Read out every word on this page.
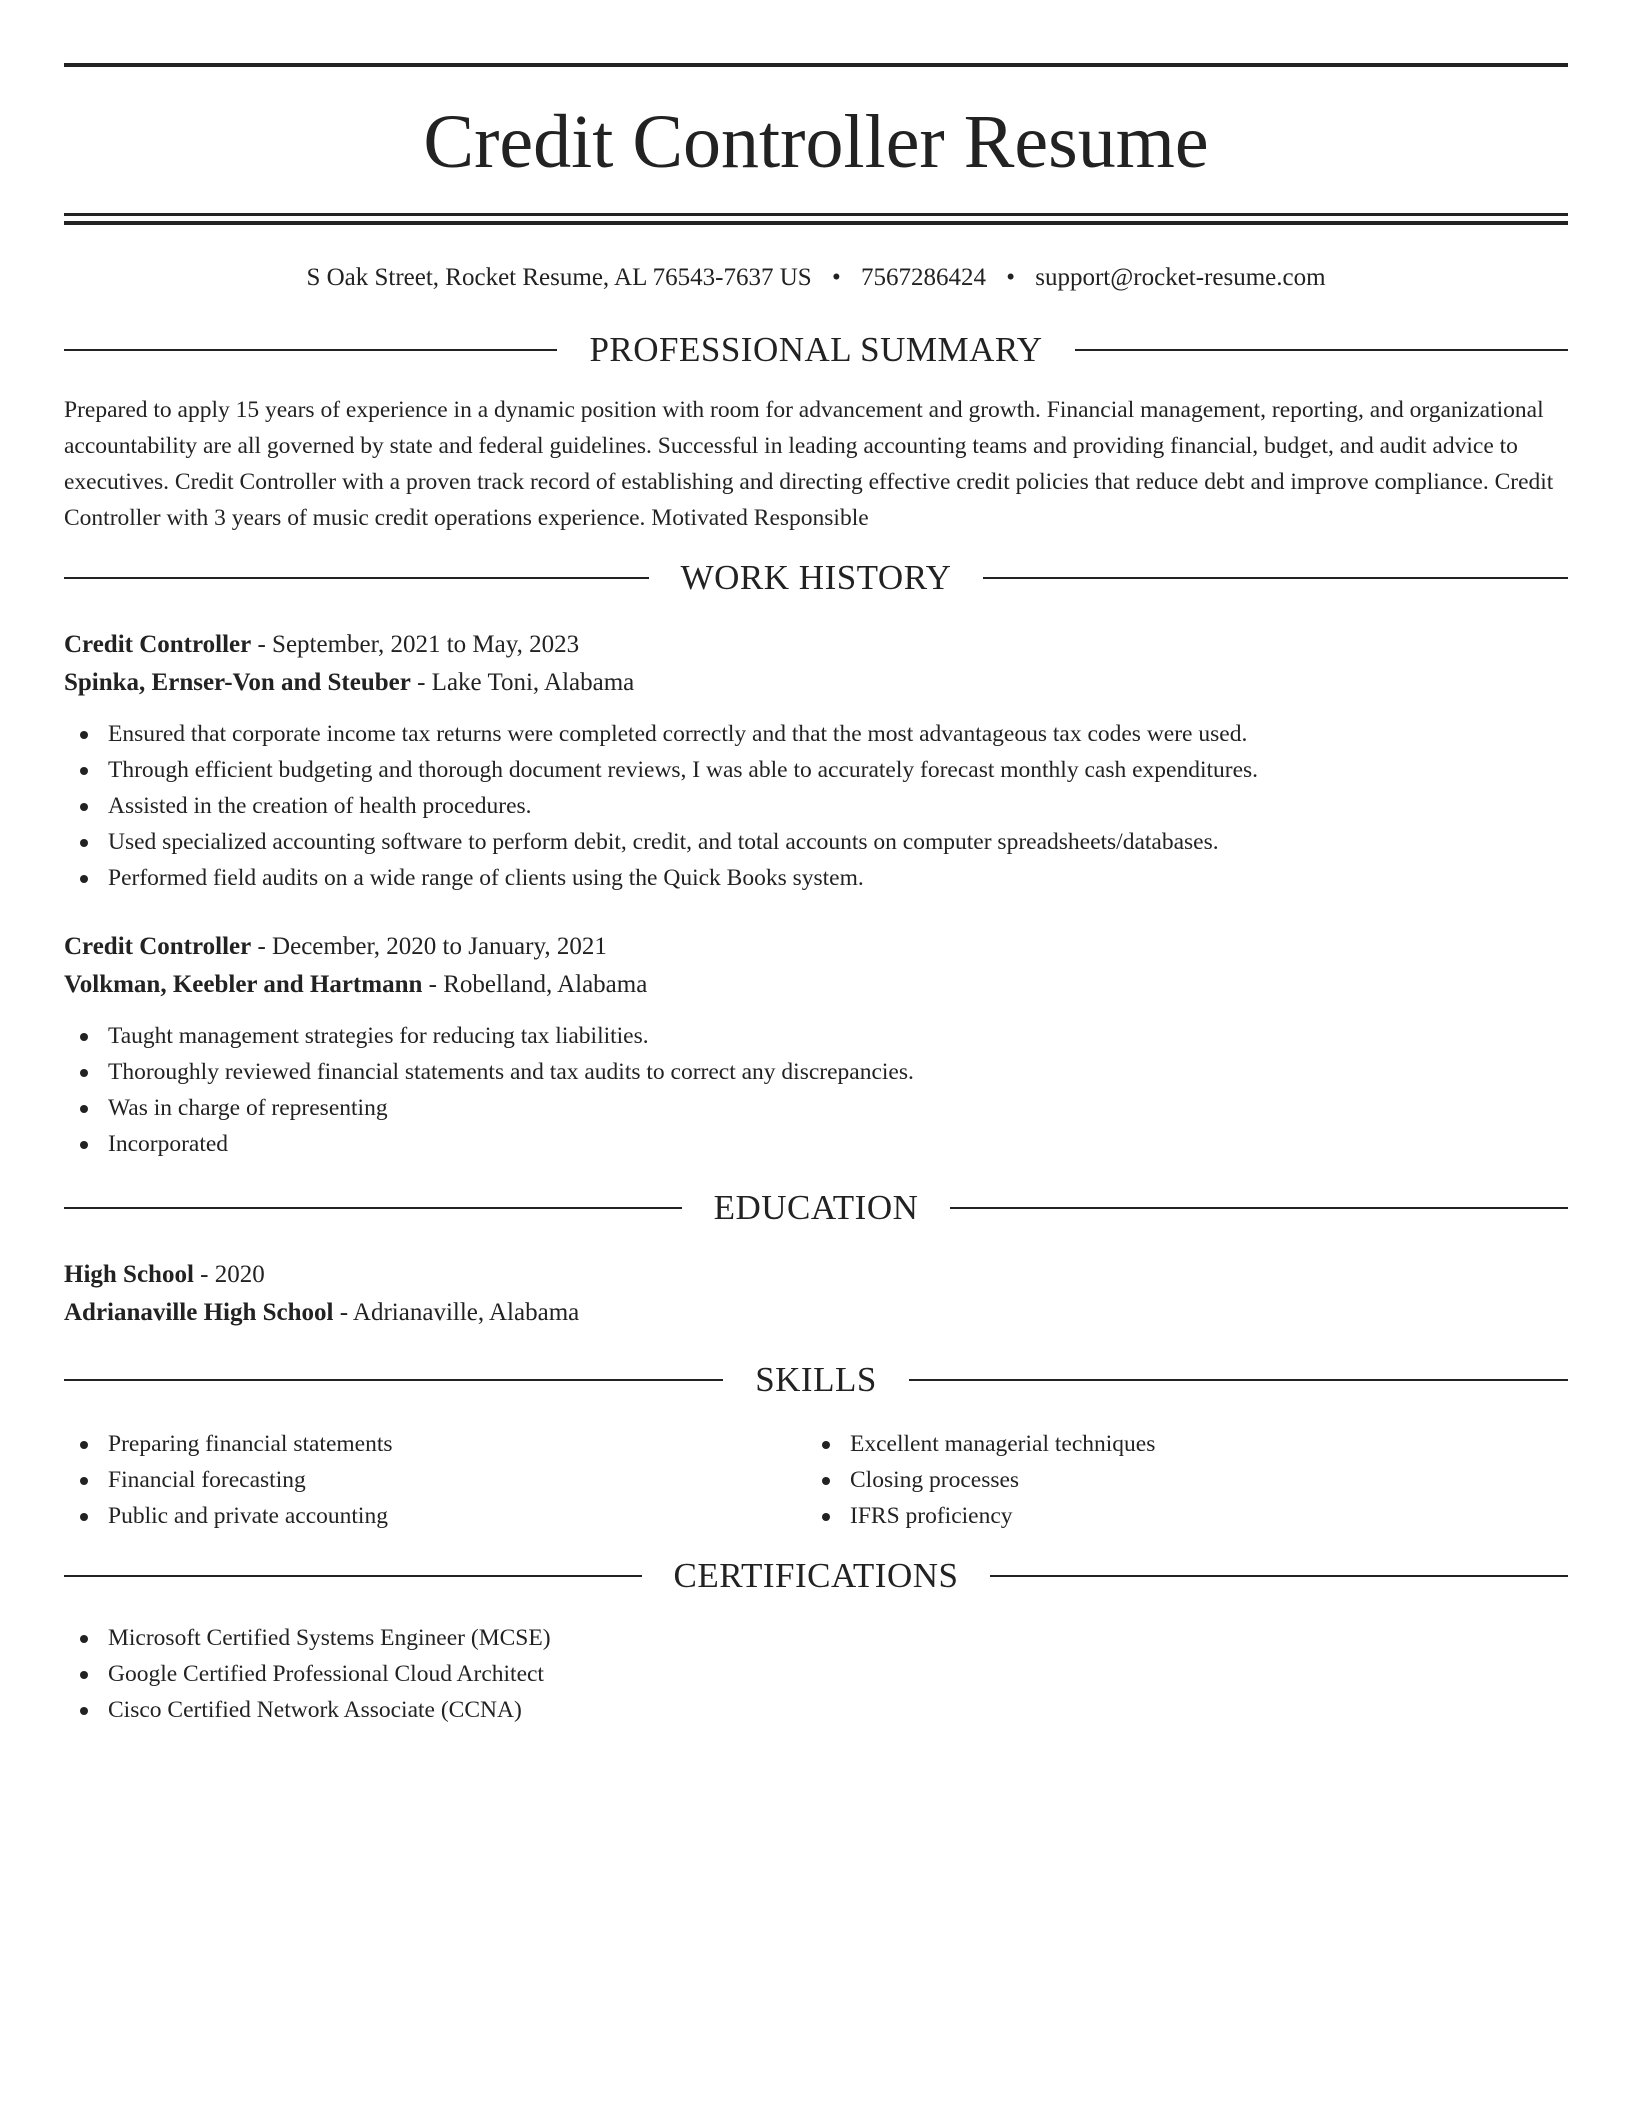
Credit Controller Resume
S Oak Street, Rocket Resume, AL 76543-7637 US • 7567286424 • support@rocket-resume.com
PROFESSIONAL SUMMARY

Prepared to apply 15 years of experience in a dynamic position with room for advancement and growth. Financial management, reporting, and organizational accountability are all governed by state and federal guidelines. Successful in leading accounting teams and providing financial, budget, and audit advice to executives. Credit Controller with a proven track record of establishing and directing effective credit policies that reduce debt and improve compliance. Credit Controller with 3 years of music credit operations experience. Motivated Responsible

WORK HISTORY
Credit Controller - September, 2021 to May, 2023
Spinka, Ernser-Von and Steuber - Lake Toni, Alabama
Ensured that corporate income tax returns were completed correctly and that the most advantageous tax codes were used.
Through efficient budgeting and thorough document reviews, I was able to accurately forecast monthly cash expenditures.
Assisted in the creation of health procedures.
Used specialized accounting software to perform debit, credit, and total accounts on computer spreadsheets/databases.
Performed field audits on a wide range of clients using the Quick Books system.
Credit Controller - December, 2020 to January, 2021
Volkman, Keebler and Hartmann - Robelland, Alabama
Taught management strategies for reducing tax liabilities.
Thoroughly reviewed financial statements and tax audits to correct any discrepancies.
Was in charge of representing
Incorporated
EDUCATION
High School - 2020
Adrianaville High School - Adrianaville, Alabama
SKILLS
Preparing financial statements
Financial forecasting
Public and private accounting
Excellent managerial techniques
Closing processes
IFRS proficiency
CERTIFICATIONS
Microsoft Certified Systems Engineer (MCSE)
Google Certified Professional Cloud Architect
Cisco Certified Network Associate (CCNA)
